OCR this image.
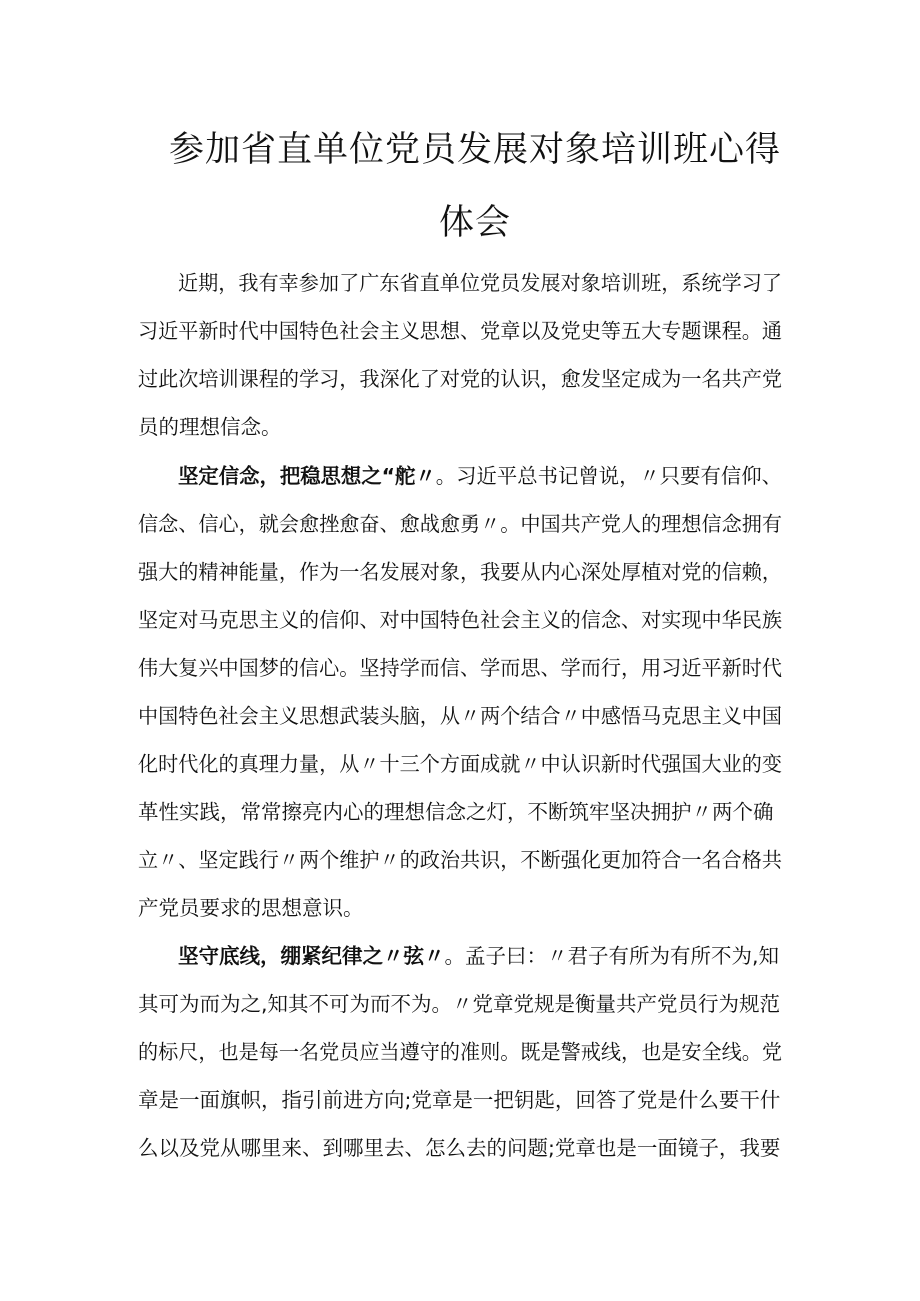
参加省直单位党员发展对象培训班心得
体会

近期，我有幸参加了广东省直单位党员发展对象培训班，系统学习了

习近平新时代中国特色社会主义思想、党章以及党史等五大专题课程。通

过此次培训课程的学习，我深化了对党的认识，愈发坚定成为一名共产党

员的理想信念。

坚定信念，把稳思想之“舵〃。习近平总书记曾说，〃只要有信仰、

信念、信心，就会愈挫愈奋、愈战愈勇〃。中国共产党人的理想信念拥有

强大的精神能量，作为一名发展对象，我要从内心深处厚植对党的信赖，

坚定对马克思主义的信仰、对中国特色社会主义的信念、对实现中华民族

伟大复兴中国梦的信心。坚持学而信、学而思、学而行，用习近平新时代

中国特色社会主义思想武装头脑，从〃两个结合〃中感悟马克思主义中国

化时代化的真理力量，从〃十三个方面成就〃中认识新时代强国大业的变

革性实践，常常擦亮内心的理想信念之灯，不断筑牢坚决拥护〃两个确

立〃、坚定践行〃两个维护〃的政治共识，不断强化更加符合一名合格共

产党员要求的思想意识。

坚守底线，绷紧纪律之〃弦〃。孟子曰：〃君子有所为有所不为,知

其可为而为之,知其不可为而不为。〃党章党规是衡量共产党员行为规范

的标尺，也是每一名党员应当遵守的准则。既是警戒线，也是安全线。党

章是一面旗帜，指引前进方向;党章是一把钥匙，回答了党是什么要干什

么以及党从哪里来、到哪里去、怎么去的问题;党章也是一面镜子，我要
